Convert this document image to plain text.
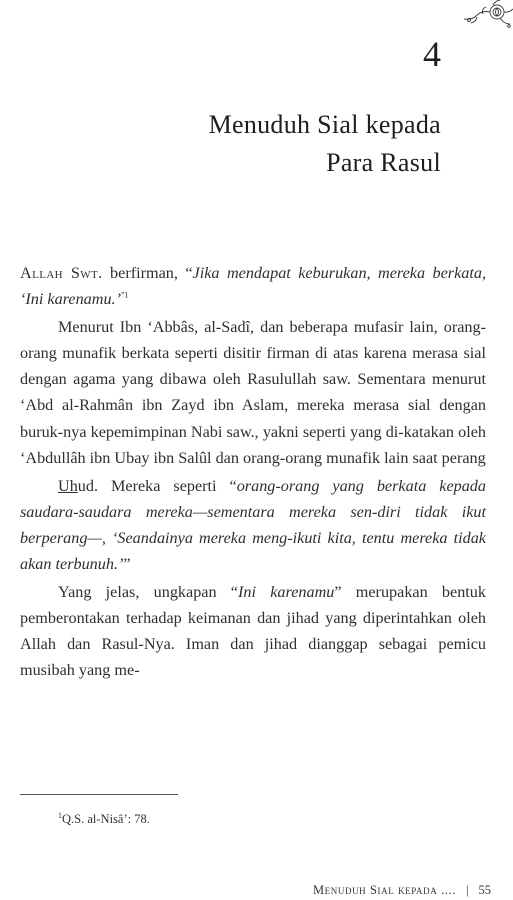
4
Menuduh Sial kepada
Para Rasul

Allah Swt. berfirman, “Jika mendapat keburukan, mereka berkata, ‘Ini karenamu.’$^{”1}$

Menurut Ibn ‘Abbâs, al-Sadî, dan beberapa mufasir lain, orang-orang munafik berkata seperti disitir firman di atas karena merasa sial dengan agama yang dibawa oleh Rasulullah saw. Sementara menurut ‘Abd al-Rahmân ibn Zayd ibn Aslam, mereka merasa sial dengan buruk-nya kepemimpinan Nabi saw., yakni seperti yang di-katakan oleh ‘Abdullâh ibn Ubay ibn Salûl dan orang-orang munafik lain saat perang

Uhud. Mereka seperti “orang-orang yang berkata kepada saudara-saudara mereka—sementara mereka sen-diri tidak ikut berperang—, ‘Seandainya mereka meng-ikuti kita, tentu mereka tidak akan terbunuh.’”

Yang jelas, ungkapan “Ini karenamu” merupakan bentuk pemberontakan terhadap keimanan dan jihad yang diperintahkan oleh Allah dan Rasul-Nya. Iman dan jihad dianggap sebagai pemicu musibah yang me-

$^1$Q.S. al-Nisâ’: 78.

Menuduh Sial kepada .... | 55
